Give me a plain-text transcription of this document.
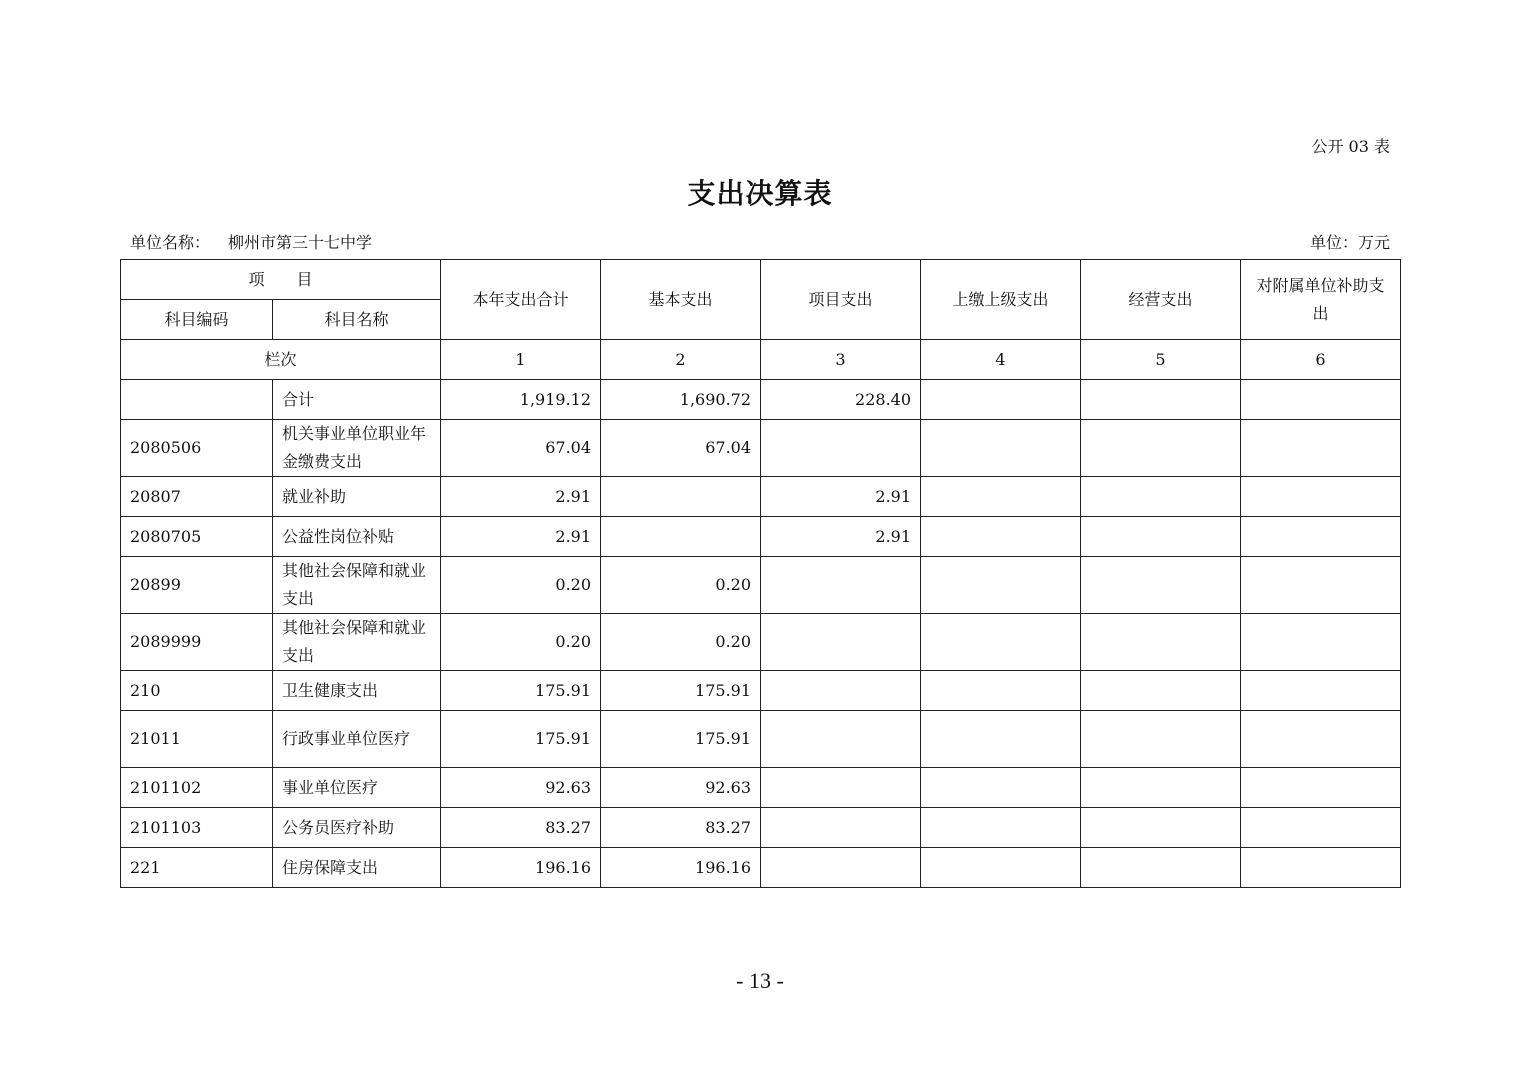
公开 03 表
支出决算表
单位名称： 柳州市第三十七中学	单位：万元
项　　目		本年支出合计	基本支出	项目支出	上缴上级支出	经营支出	对附属单位补助支出
科目编码	科目名称						
栏次		1	2	3	4	5	6
	合计	1,919.12	1,690.72	228.40			
2080506	机关事业单位职业年金缴费支出	67.04	67.04				
20807	就业补助	2.91		2.91			
2080705	公益性岗位补贴	2.91		2.91			
20899	其他社会保障和就业支出	0.20	0.20				
2089999	其他社会保障和就业支出	0.20	0.20				
210	卫生健康支出	175.91	175.91				
21011	行政事业单位医疗	175.91	175.91				
2101102	事业单位医疗	92.63	92.63				
2101103	公务员医疗补助	83.27	83.27				
221	住房保障支出	196.16	196.16				
- 13 -
